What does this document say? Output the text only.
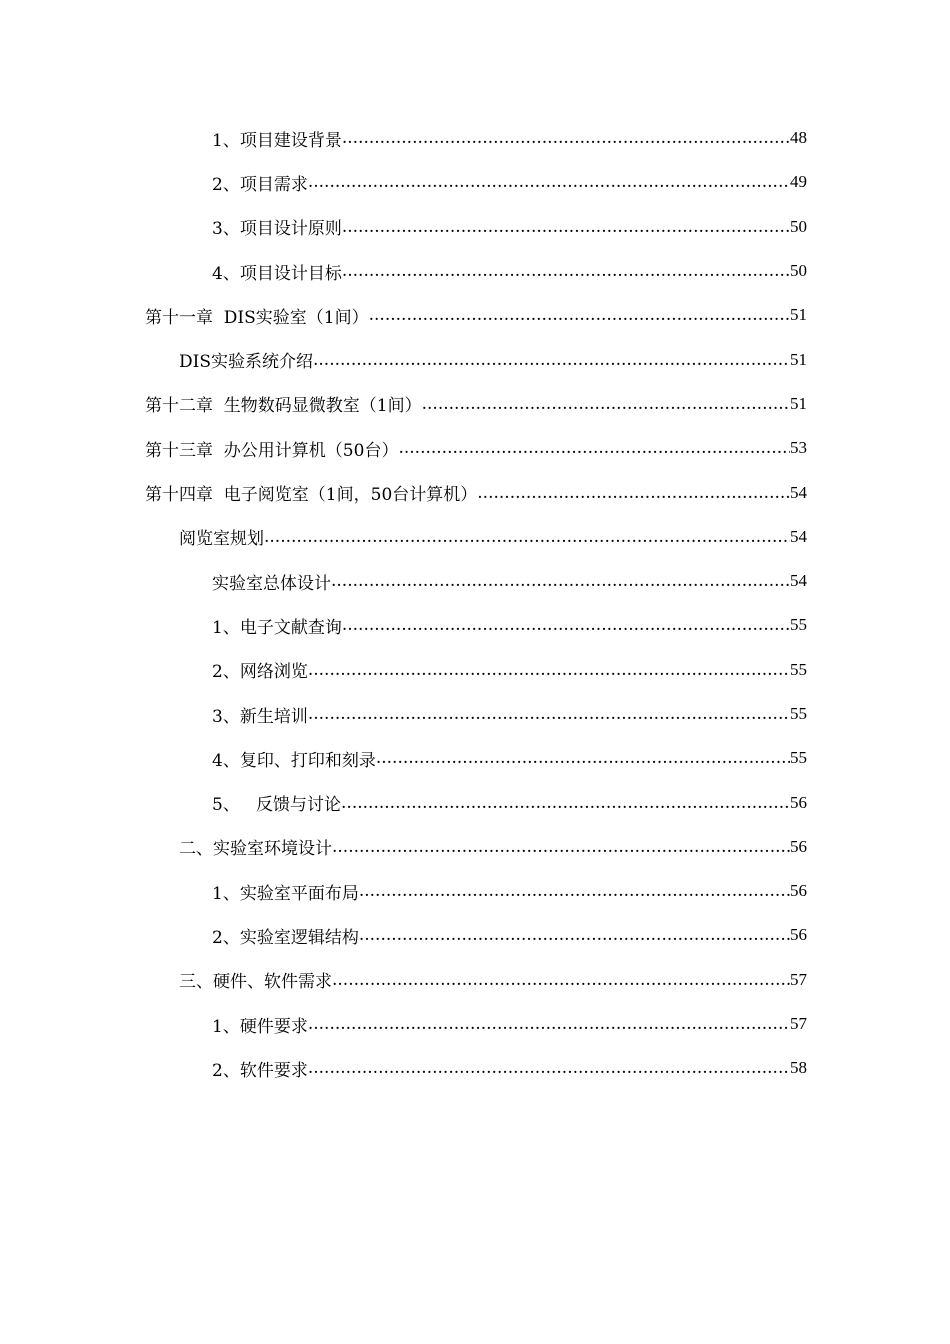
1、项目建设背景 .....	48
2、项目需求 .....	49
3、项目设计原则 .....	50
4、项目设计目标 .....	50
第十一章  DIS实验室（1间） .....	51
DIS实验系统介绍 .....	51
第十二章  生物数码显微教室（1间） .....	51
第十三章  办公用计算机（50台） .....	53
第十四章  电子阅览室（1间，50台计算机） .....	54
阅览室规划 .....	54
实验室总体设计 .....	54
1、电子文献查询 .....	55
2、网络浏览 .....	55
3、新生培训 .....	55
4、复印、打印和刻录 .....	55
5、   反馈与讨论 .....	56
二、实验室环境设计 .....	56
1、实验室平面布局 .....	56
2、实验室逻辑结构 .....	56
三、硬件、软件需求 .....	57
1、硬件要求 .....	57
2、软件要求 .....	58
